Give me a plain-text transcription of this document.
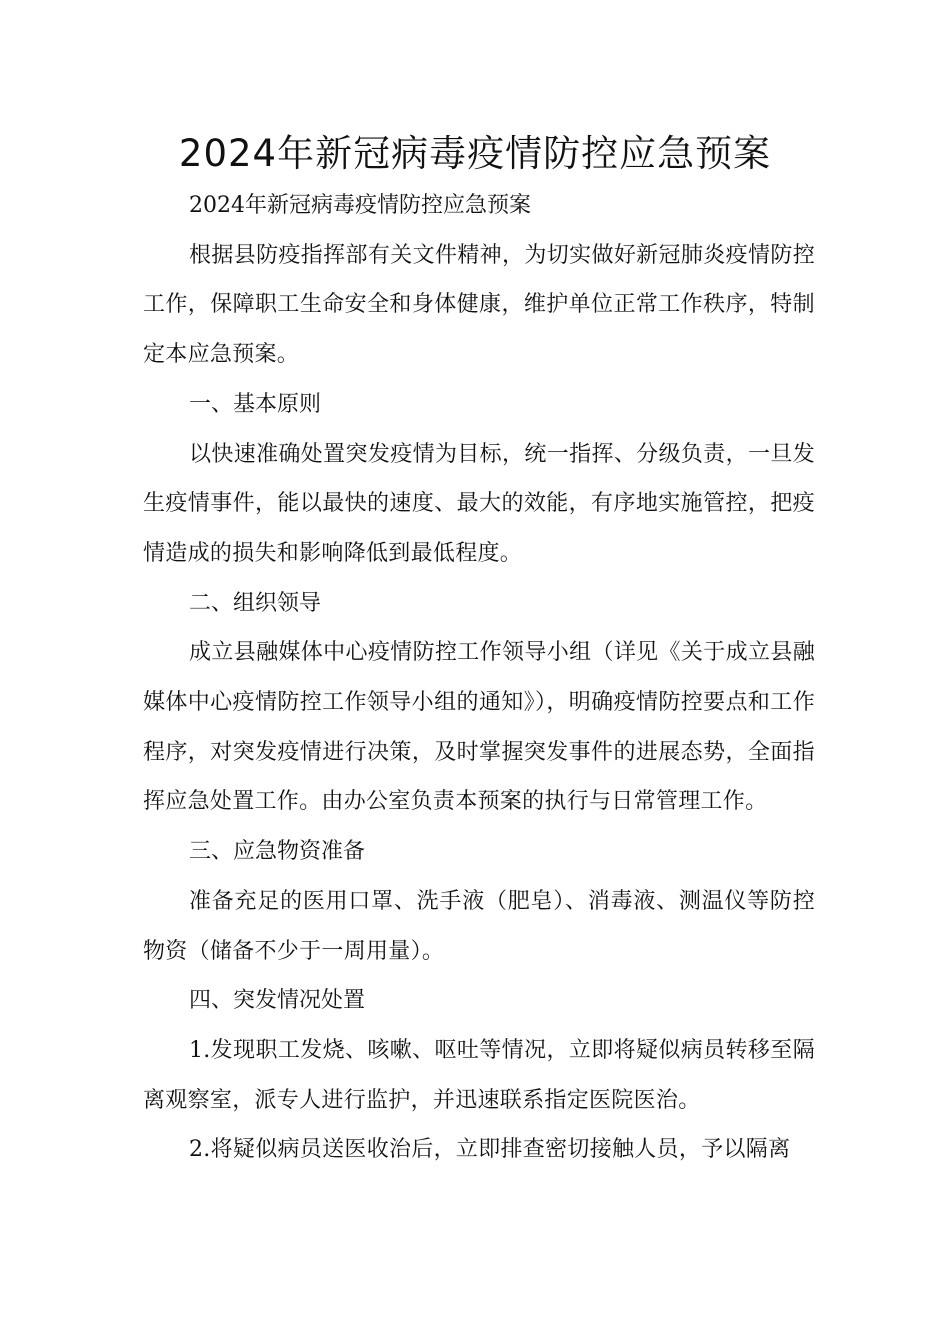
2024年新冠病毒疫情防控应急预案

2024年新冠病毒疫情防控应急预案

根据县防疫指挥部有关文件精神，为切实做好新冠肺炎疫情防控工作，保障职工生命安全和身体健康，维护单位正常工作秩序，特制定本应急预案。

一、基本原则

以快速准确处置突发疫情为目标，统一指挥、分级负责，一旦发生疫情事件，能以最快的速度、最大的效能，有序地实施管控，把疫情造成的损失和影响降低到最低程度。

二、组织领导

成立县融媒体中心疫情防控工作领导小组（详见《关于成立县融媒体中心疫情防控工作领导小组的通知》），明确疫情防控要点和工作程序，对突发疫情进行决策，及时掌握突发事件的进展态势，全面指挥应急处置工作。由办公室负责本预案的执行与日常管理工作。

三、应急物资准备

准备充足的医用口罩、洗手液（肥皂）、消毒液、测温仪等防控物资（储备不少于一周用量）。

四、突发情况处置

1.发现职工发烧、咳嗽、呕吐等情况，立即将疑似病员转移至隔离观察室，派专人进行监护，并迅速联系指定医院医治。

2.将疑似病员送医收治后，立即排查密切接触人员，予以隔离
